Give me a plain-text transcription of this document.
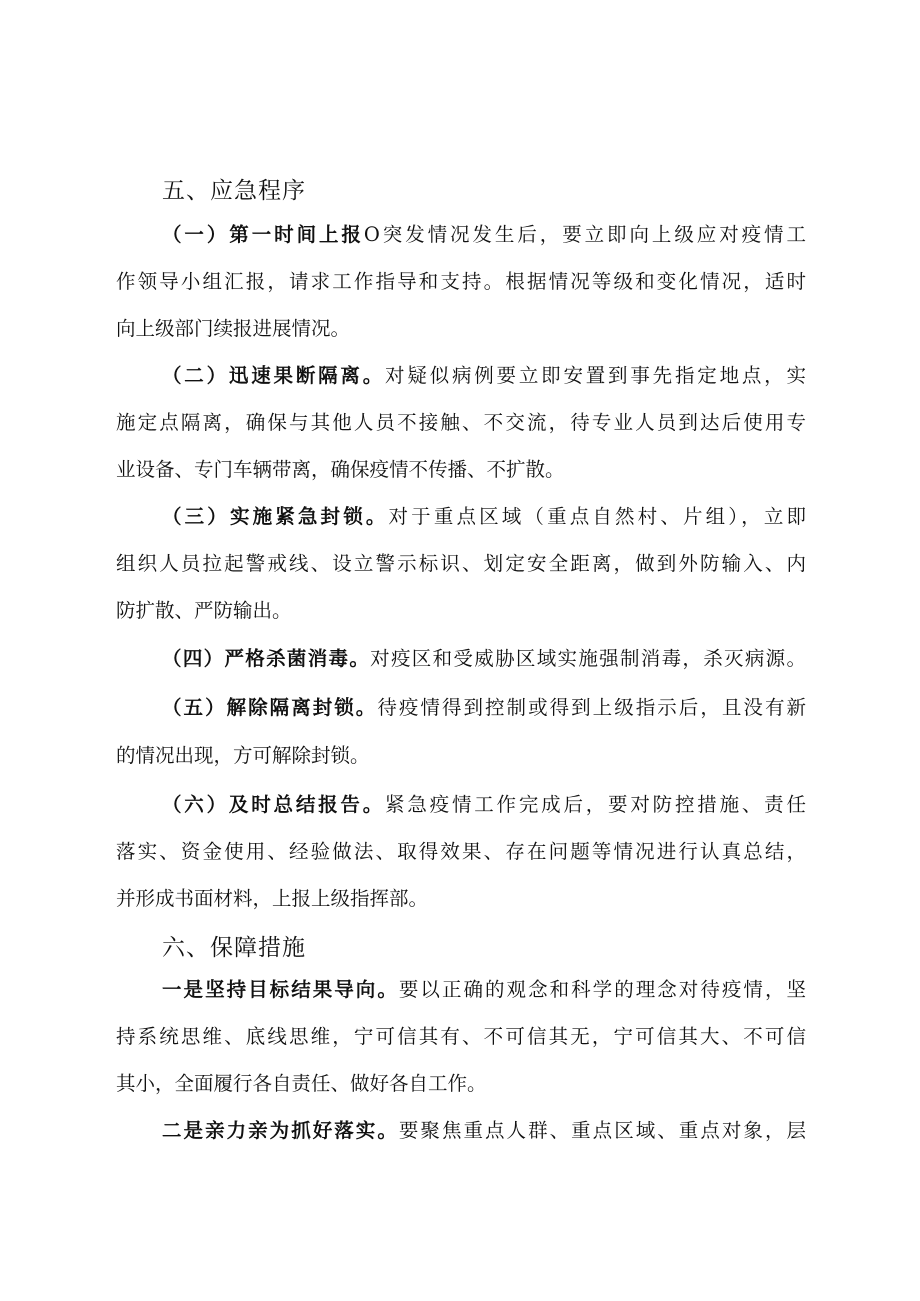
五、应急程序
（一）第一时间上报O突发情况发生后，要立即向上级应对疫情工
作领导小组汇报，请求工作指导和支持。根据情况等级和变化情况，适时
向上级部门续报进展情况。
（二）迅速果断隔离。对疑似病例要立即安置到事先指定地点，实
施定点隔离，确保与其他人员不接触、不交流，待专业人员到达后使用专
业设备、专门车辆带离，确保疫情不传播、不扩散。
（三）实施紧急封锁。对于重点区域（重点自然村、片组），立即
组织人员拉起警戒线、设立警示标识、划定安全距离，做到外防输入、内
防扩散、严防输出。
（四）严格杀菌消毒。对疫区和受威胁区域实施强制消毒，杀灭病源。
（五）解除隔离封锁。待疫情得到控制或得到上级指示后，且没有新
的情况出现，方可解除封锁。
（六）及时总结报告。紧急疫情工作完成后，要对防控措施、责任
落实、资金使用、经验做法、取得效果、存在问题等情况进行认真总结，
并形成书面材料，上报上级指挥部。
六、保障措施
一是坚持目标结果导向。要以正确的观念和科学的理念对待疫情，坚
持系统思维、底线思维，宁可信其有、不可信其无，宁可信其大、不可信
其小，全面履行各自责任、做好各自工作。
二是亲力亲为抓好落实。要聚焦重点人群、重点区域、重点对象，层
